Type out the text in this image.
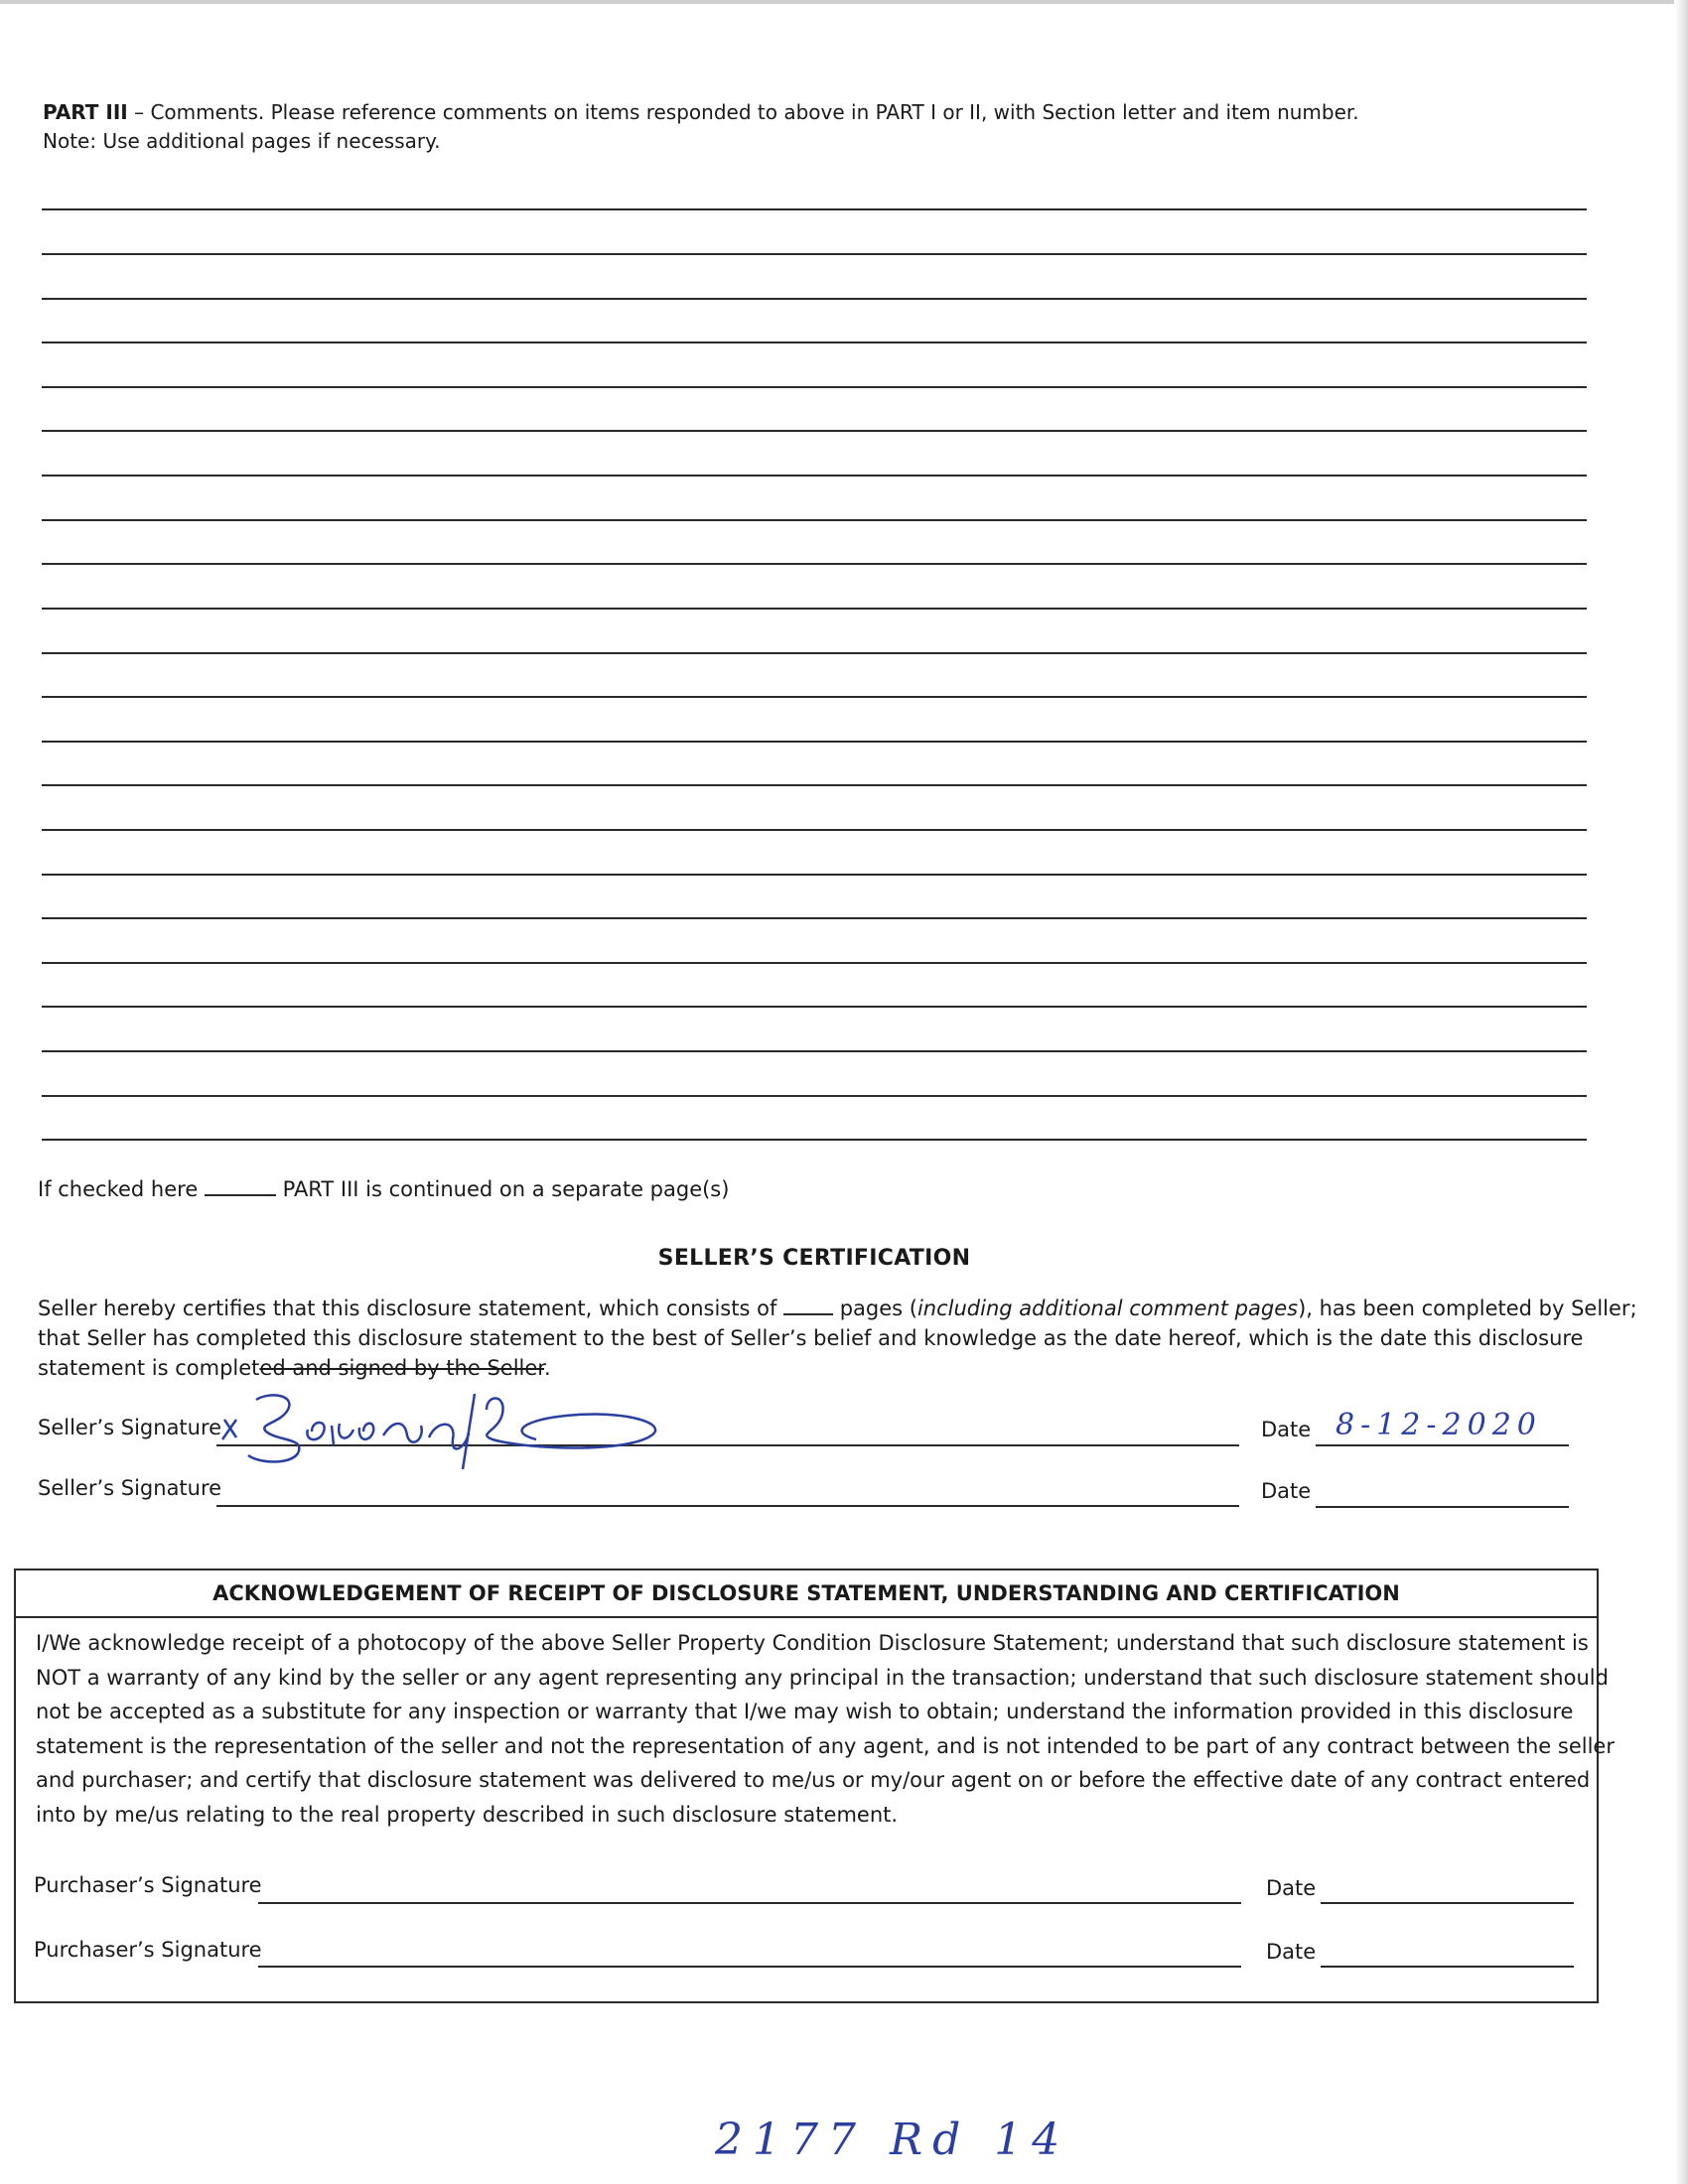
PART III – Comments. Please reference comments on items responded to above in PART I or II, with Section letter and item number.
Note: Use additional pages if necessary.
If checked here	PART III is continued on a separate page(s)
SELLER’S CERTIFICATION

Seller hereby certifies that this disclosure statement, which consists of  pages (including additional comment pages), has been completed by Seller;

that Seller has completed this disclosure statement to the best of Seller’s belief and knowledge as the date hereof, which is the date this disclosure

statement is completed and signed by the Seller.

Seller’s Signature	Date 8-12-2020
Seller’s Signature	Date
ACKNOWLEDGEMENT OF RECEIPT OF DISCLOSURE STATEMENT, UNDERSTANDING AND CERTIFICATION

I/We acknowledge receipt of a photocopy of the above Seller Property Condition Disclosure Statement; understand that such disclosure statement is

NOT a warranty of any kind by the seller or any agent representing any principal in the transaction; understand that such disclosure statement should

not be accepted as a substitute for any inspection or warranty that I/we may wish to obtain; understand the information provided in this disclosure

statement is the representation of the seller and not the representation of any agent, and is not intended to be part of any contract between the seller

and purchaser; and certify that disclosure statement was delivered to me/us or my/our agent on or before the effective date of any contract entered

into by me/us relating to the real property described in such disclosure statement.

Purchaser’s Signature	Date
Purchaser’s Signature	Date
2177 Rd 14
